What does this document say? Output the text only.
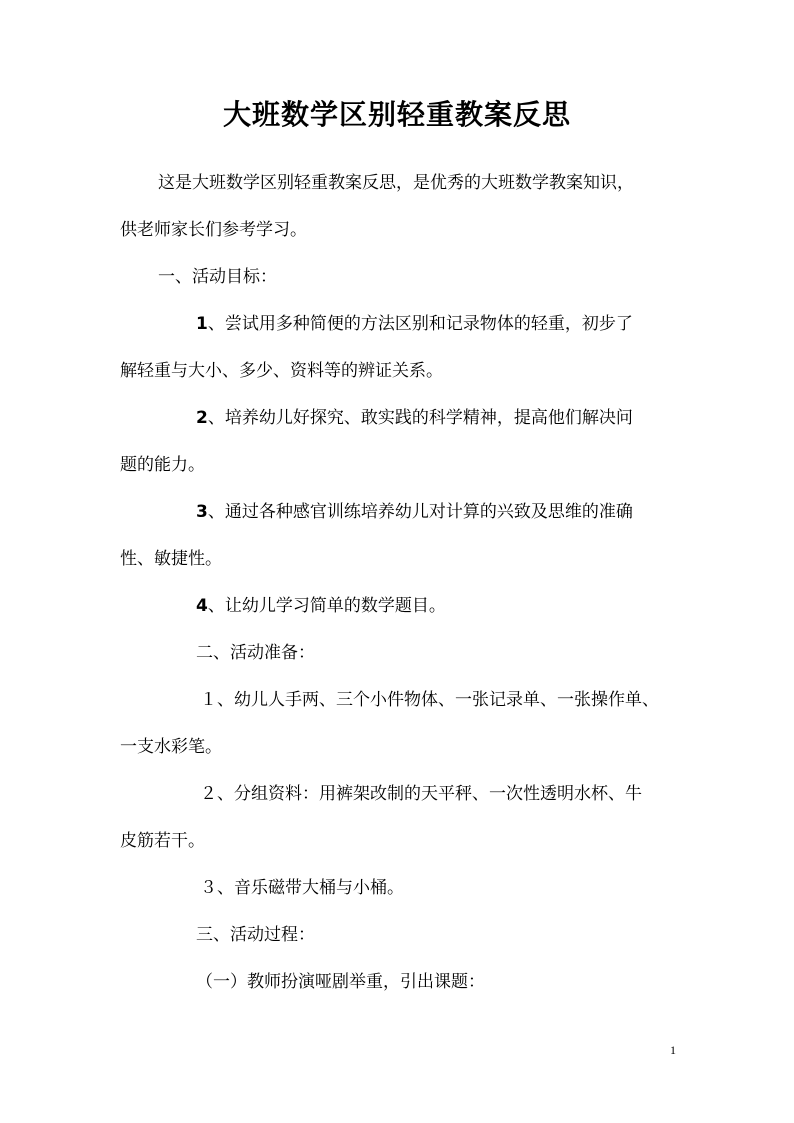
大班数学区别轻重教案反思

这是大班数学区别轻重教案反思，是优秀的大班数学教案知识，

供老师家长们参考学习。

一、活动目标：

1、尝试用多种简便的方法区别和记录物体的轻重，初步了

解轻重与大小、多少、资料等的辨证关系。

2、培养幼儿好探究、敢实践的科学精神，提高他们解决问

题的能力。

3、通过各种感官训练培养幼儿对计算的兴致及思维的准确

性、敏捷性。

4、让幼儿学习简单的数学题目。

二、活动准备：

１、幼儿人手两、三个小件物体、一张记录单、一张操作单、

一支水彩笔。

２、分组资料：用裤架改制的天平秤、一次性透明水杯、牛

皮筋若干。

３、音乐磁带大桶与小桶。

三、活动过程：

（一）教师扮演哑剧举重，引出课题：

1
